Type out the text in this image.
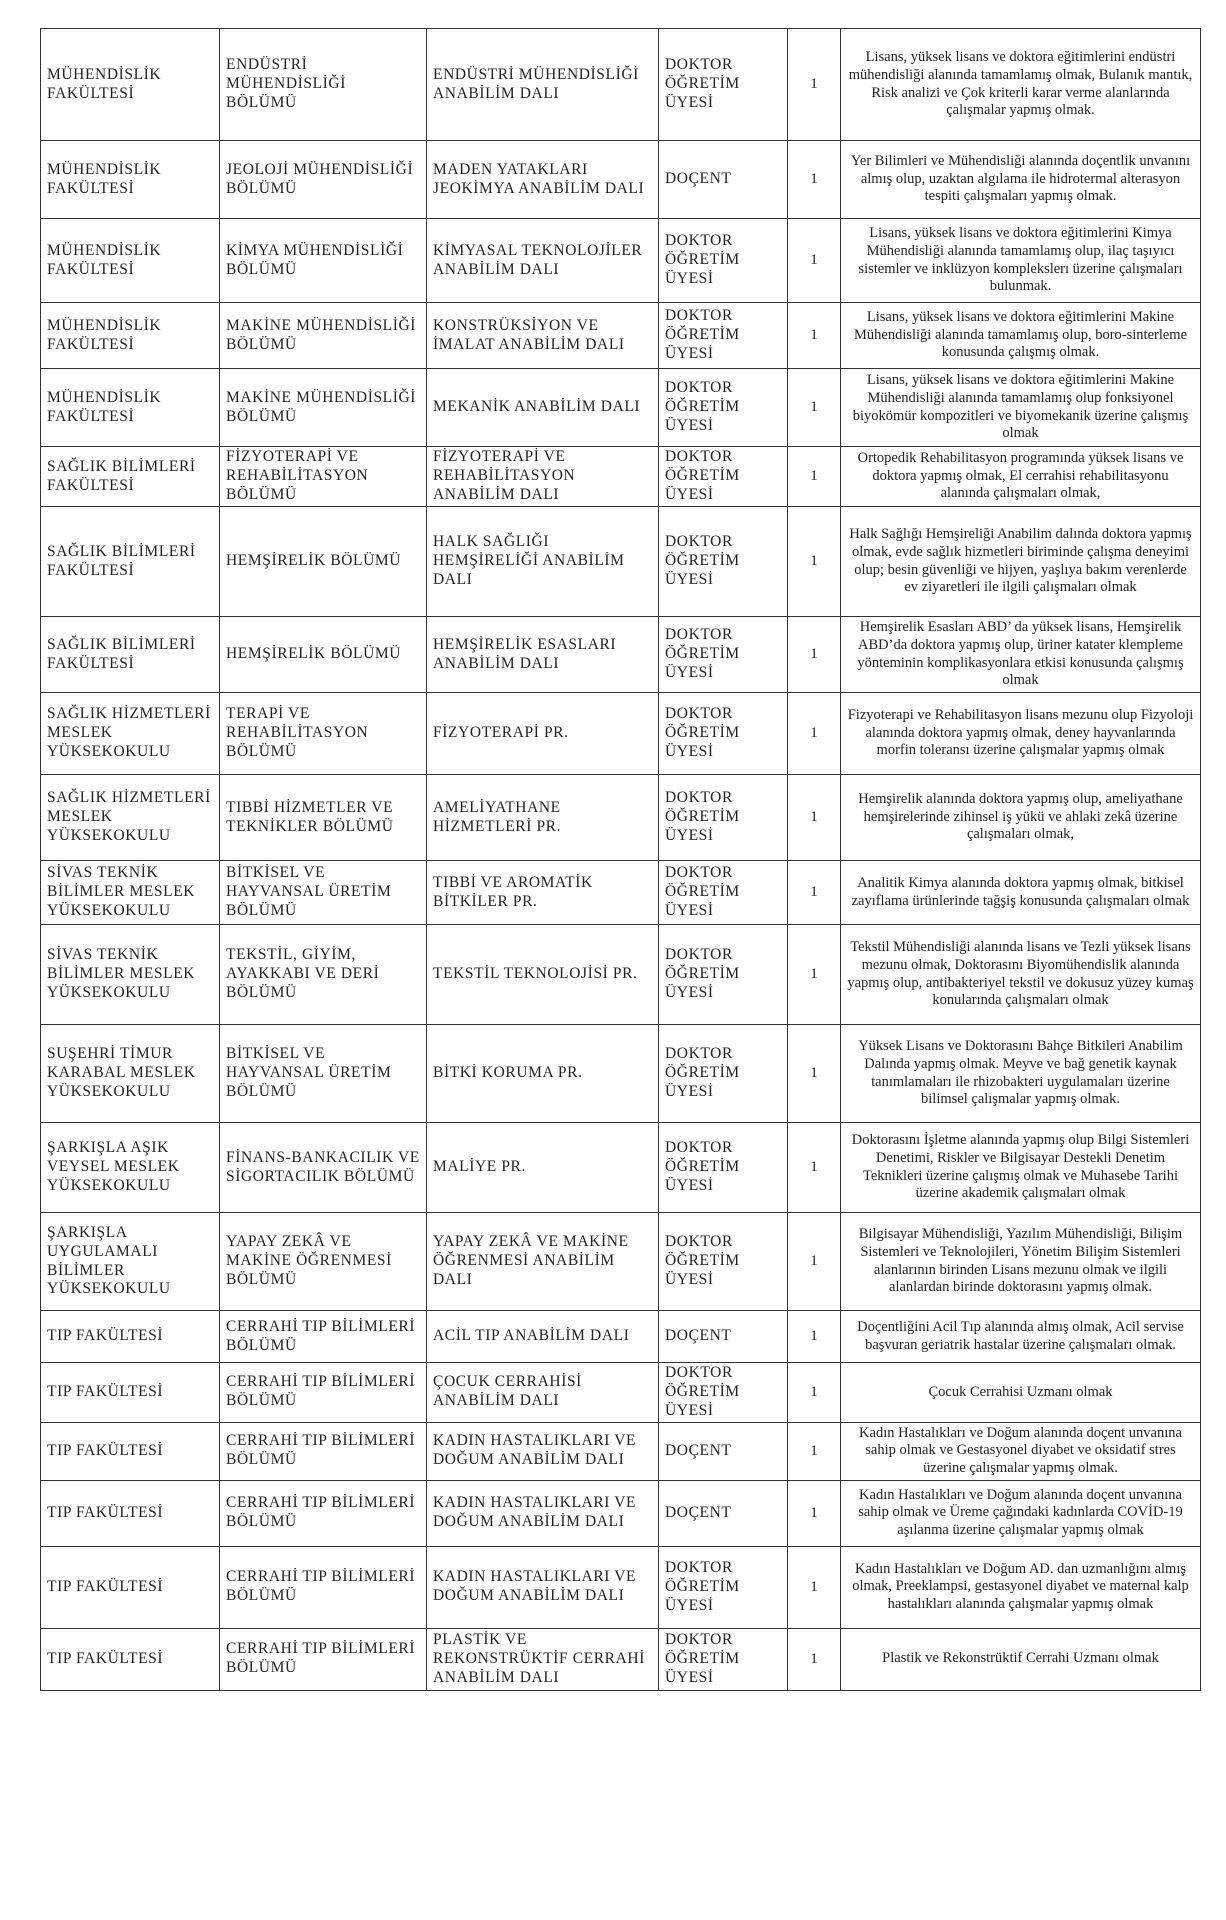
MÜHENDİSLİK FAKÜLTESİ	ENDÜSTRİ MÜHENDİSLİĞİ BÖLÜMÜ	ENDÜSTRİ MÜHENDİSLİĞİ ANABİLİM DALI	DOKTOR ÖĞRETİM ÜYESİ	1	Lisans, yüksek lisans ve doktora eğitimlerini endüstri mühendisliği alanında tamamlamış olmak, Bulanık mantık, Risk analizi ve Çok kriterli karar verme alanlarında çalışmalar yapmış olmak.
MÜHENDİSLİK FAKÜLTESİ	JEOLOJİ MÜHENDİSLİĞİ BÖLÜMÜ	MADEN YATAKLARI JEOKİMYA ANABİLİM DALI	DOÇENT	1	Yer Bilimleri ve Mühendisliği alanında doçentlik unvanını almış olup, uzaktan algılama ile hidrotermal alterasyon tespiti çalışmaları yapmış olmak.
MÜHENDİSLİK FAKÜLTESİ	KİMYA MÜHENDİSLİĞİ BÖLÜMÜ	KİMYASAL TEKNOLOJİLER ANABİLİM DALI	DOKTOR ÖĞRETİM ÜYESİ	1	Lisans, yüksek lisans ve doktora eğitimlerini Kimya Mühendisliği alanında tamamlamış olup, ilaç taşıyıcı sistemler ve inklüzyon komplekslerı üzerine çalışmaları bulunmak.
MÜHENDİSLİK FAKÜLTESİ	MAKİNE MÜHENDİSLİĞİ BÖLÜMÜ	KONSTRÜKSİYON VE İMALAT ANABİLİM DALI	DOKTOR ÖĞRETİM ÜYESİ	1	Lisans, yüksek lisans ve doktora eğitimlerini Makine Mühendisliği alanında tamamlamış olup, boro-sinterleme konusunda çalışmış olmak.
MÜHENDİSLİK FAKÜLTESİ	MAKİNE MÜHENDİSLİĞİ BÖLÜMÜ	MEKANİK ANABİLİM DALI	DOKTOR ÖĞRETİM ÜYESİ	1	Lisans, yüksek lisans ve doktora eğitimlerini Makine Mühendisliği alanında tamamlamış olup fonksiyonel biyokömür kompozitleri ve biyomekanik üzerine çalışmış olmak
SAĞLIK BİLİMLERİ FAKÜLTESİ	FİZYOTERAPİ VE REHABİLİTASYON BÖLÜMÜ	FİZYOTERAPİ VE REHABİLİTASYON ANABİLİM DALI	DOKTOR ÖĞRETİM ÜYESİ	1	Ortopedik Rehabilitasyon programında yüksek lisans ve doktora yapmış olmak, El cerrahisi rehabilitasyonu alanında çalışmaları olmak,
SAĞLIK BİLİMLERİ FAKÜLTESİ	HEMŞİRELİK BÖLÜMÜ	HALK SAĞLIĞI HEMŞİRELİĞİ ANABİLİM DALI	DOKTOR ÖĞRETİM ÜYESİ	1	Halk Sağlığı Hemşireliği Anabilim dalında doktora yapmış olmak, evde sağlık hizmetleri biriminde çalışma deneyimi olup; besin güvenliği ve hijyen, yaşlıya bakım verenlerde ev ziyaretleri ile ilgili çalışmaları olmak
SAĞLIK BİLİMLERİ FAKÜLTESİ	HEMŞİRELİK BÖLÜMÜ	HEMŞİRELİK ESASLARI ANABİLİM DALI	DOKTOR ÖĞRETİM ÜYESİ	1	Hemşirelik Esasları ABD’ da yüksek lisans, Hemşirelik ABD’da doktora yapmış olup, üriner katater klempleme yönteminin komplikasyonlara etkisi konusunda çalışmış olmak
SAĞLIK HİZMETLERİ MESLEK YÜKSEKOKULU	TERAPİ VE REHABİLİTASYON BÖLÜMÜ	FİZYOTERAPİ PR.	DOKTOR ÖĞRETİM ÜYESİ	1	Fizyoterapi ve Rehabilitasyon lisans mezunu olup Fizyoloji alanında doktora yapmış olmak, deney hayvanlarında morfin toleransı üzerine çalışmalar yapmış olmak
SAĞLIK HİZMETLERİ MESLEK YÜKSEKOKULU	TIBBİ HİZMETLER VE TEKNİKLER BÖLÜMÜ	AMELİYATHANE HİZMETLERİ PR.	DOKTOR ÖĞRETİM ÜYESİ	1	Hemşirelik alanında doktora yapmış olup, ameliyathane hemşirelerinde zihinsel iş yükü ve ahlaki zekâ üzerine çalışmaları olmak,
SİVAS TEKNİK BİLİMLER MESLEK YÜKSEKOKULU	BİTKİSEL VE HAYVANSAL ÜRETİM BÖLÜMÜ	TIBBİ VE AROMATİK BİTKİLER PR.	DOKTOR ÖĞRETİM ÜYESİ	1	Analitik Kimya alanında doktora yapmış olmak, bitkisel zayıflama ürünlerinde tağşiş konusunda çalışmaları olmak
SİVAS TEKNİK BİLİMLER MESLEK YÜKSEKOKULU	TEKSTİL, GİYİM, AYAKKABI VE DERİ BÖLÜMÜ	TEKSTİL TEKNOLOJİSİ PR.	DOKTOR ÖĞRETİM ÜYESİ	1	Tekstil Mühendisliği alanında lisans ve Tezli yüksek lisans mezunu olmak, Doktorasını Biyomühendislik alanında yapmış olup, antibakteriyel tekstil ve dokusuz yüzey kumaş konularında çalışmaları olmak
SUŞEHRİ TİMUR KARABAL MESLEK YÜKSEKOKULU	BİTKİSEL VE HAYVANSAL ÜRETİM BÖLÜMÜ	BİTKİ KORUMA PR.	DOKTOR ÖĞRETİM ÜYESİ	1	Yüksek Lisans ve Doktorasını Bahçe Bitkileri Anabilim Dalında yapmış olmak. Meyve ve bağ genetik kaynak tanımlamaları ile rhizobakteri uygulamaları üzerine bilimsel çalışmalar yapmış olmak.
ŞARKIŞLA AŞIK VEYSEL MESLEK YÜKSEKOKULU	FİNANS-BANKACILIK VE SİGORTACILIK BÖLÜMÜ	MALİYE PR.	DOKTOR ÖĞRETİM ÜYESİ	1	Doktorasını İşletme alanında yapmış olup Bilgi Sistemleri Denetimi, Riskler ve Bilgisayar Destekli Denetim Teknikleri üzerine çalışmış olmak ve Muhasebe Tarihi üzerine akademik çalışmaları olmak
ŞARKIŞLA UYGULAMALI BİLİMLER YÜKSEKOKULU	YAPAY ZEKÂ VE MAKİNE ÖĞRENMESİ BÖLÜMÜ	YAPAY ZEKÂ VE MAKİNE ÖĞRENMESİ ANABİLİM DALI	DOKTOR ÖĞRETİM ÜYESİ	1	Bilgisayar Mühendisliği, Yazılım Mühendisliği, Bilişim Sistemleri ve Teknolojileri, Yönetim Bilişim Sistemleri alanlarının birinden Lisans mezunu olmak ve ilgili alanlardan birinde doktorasını yapmış olmak.
TIP FAKÜLTESİ	CERRAHİ TIP BİLİMLERİ BÖLÜMÜ	ACİL TIP ANABİLİM DALI	DOÇENT	1	Doçentliğini Acil Tıp alanında almış olmak, Acil servise başvuran geriatrik hastalar üzerine çalışmaları olmak.
TIP FAKÜLTESİ	CERRAHİ TIP BİLİMLERİ BÖLÜMÜ	ÇOCUK CERRAHİSİ ANABİLİM DALI	DOKTOR ÖĞRETİM ÜYESİ	1	Çocuk Cerrahisi Uzmanı olmak
TIP FAKÜLTESİ	CERRAHİ TIP BİLİMLERİ BÖLÜMÜ	KADIN HASTALIKLARI VE DOĞUM ANABİLİM DALI	DOÇENT	1	Kadın Hastalıkları ve Doğum alanında doçent unvanına sahip olmak ve Gestasyonel diyabet ve oksidatif stres üzerine çalışmalar yapmış olmak.
TIP FAKÜLTESİ	CERRAHİ TIP BİLİMLERİ BÖLÜMÜ	KADIN HASTALIKLARI VE DOĞUM ANABİLİM DALI	DOÇENT	1	Kadın Hastalıkları ve Doğum alanında doçent unvanına sahip olmak ve Üreme çağındaki kadınlarda COVİD-19 aşılanma üzerine çalışmalar yapmış olmak
TIP FAKÜLTESİ	CERRAHİ TIP BİLİMLERİ BÖLÜMÜ	KADIN HASTALIKLARI VE DOĞUM ANABİLİM DALI	DOKTOR ÖĞRETİM ÜYESİ	1	Kadın Hastalıkları ve Doğum AD. dan uzmanlığını almış olmak, Preeklampsi, gestasyonel diyabet ve maternal kalp hastalıkları alanında çalışmalar yapmış olmak
TIP FAKÜLTESİ	CERRAHİ TIP BİLİMLERİ BÖLÜMÜ	PLASTİK VE REKONSTRÜKTİF CERRAHİ ANABİLİM DALI	DOKTOR ÖĞRETİM ÜYESİ	1	Plastik ve Rekonstrüktif Cerrahi Uzmanı olmak
